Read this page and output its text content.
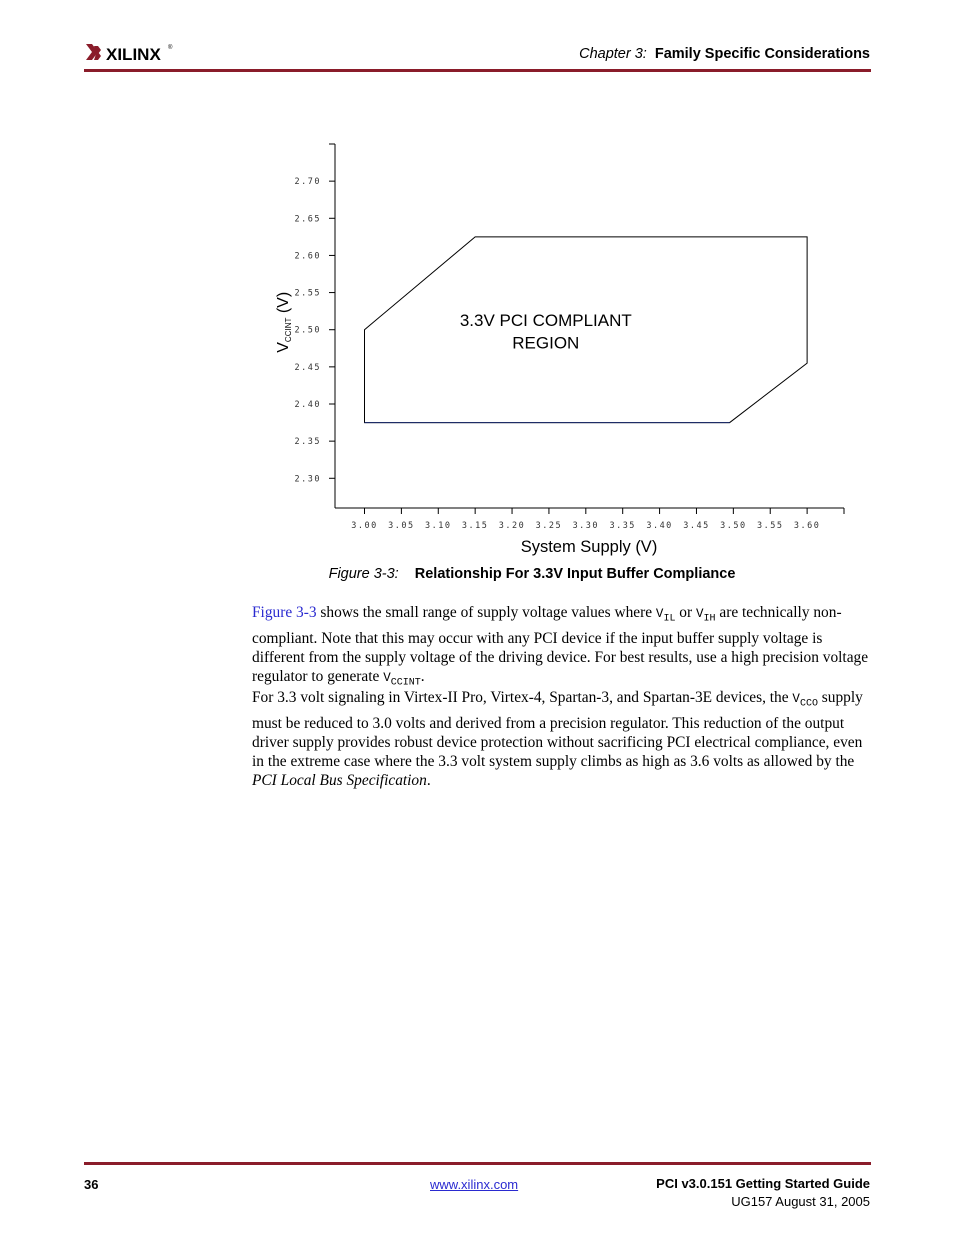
XILINX ®	Chapter 3: Family Specific Considerations
2.70
2.65
2.60
2.55
2.50
2.45
2.40
2.35
2.30
3.00 3.05 3.10 3.15 3.20 3.25 3.30 3.35 3.40 3.45 3.50 3.55 3.60
3.3V PCI COMPLIANT
REGION
System Supply (V)
VCCINT (V)
Figure 3-3: Relationship For 3.3V Input Buffer Compliance
Figure 3-3 shows the small range of supply voltage values where $V_{IL}$ or $V_{IH}$ are technically non-compliant. Note that this may occur with any PCI device if the input buffer supply voltage is different from the supply voltage of the driving device. For best results, use a high precision voltage regulator to generate $V_{CCINT}$.
For 3.3 volt signaling in Virtex-II Pro, Virtex-4, Spartan-3, and Spartan-3E devices, the $V_{CCO}$ supply must be reduced to 3.0 volts and derived from a precision regulator. This reduction of the output driver supply provides robust device protection without sacrificing PCI electrical compliance, even in the extreme case where the 3.3 volt system supply climbs as high as 3.6 volts as allowed by the PCI Local Bus Specification.
36	www.xilinx.com	PCI v3.0.151 Getting Started Guide
UG157 August 31, 2005
